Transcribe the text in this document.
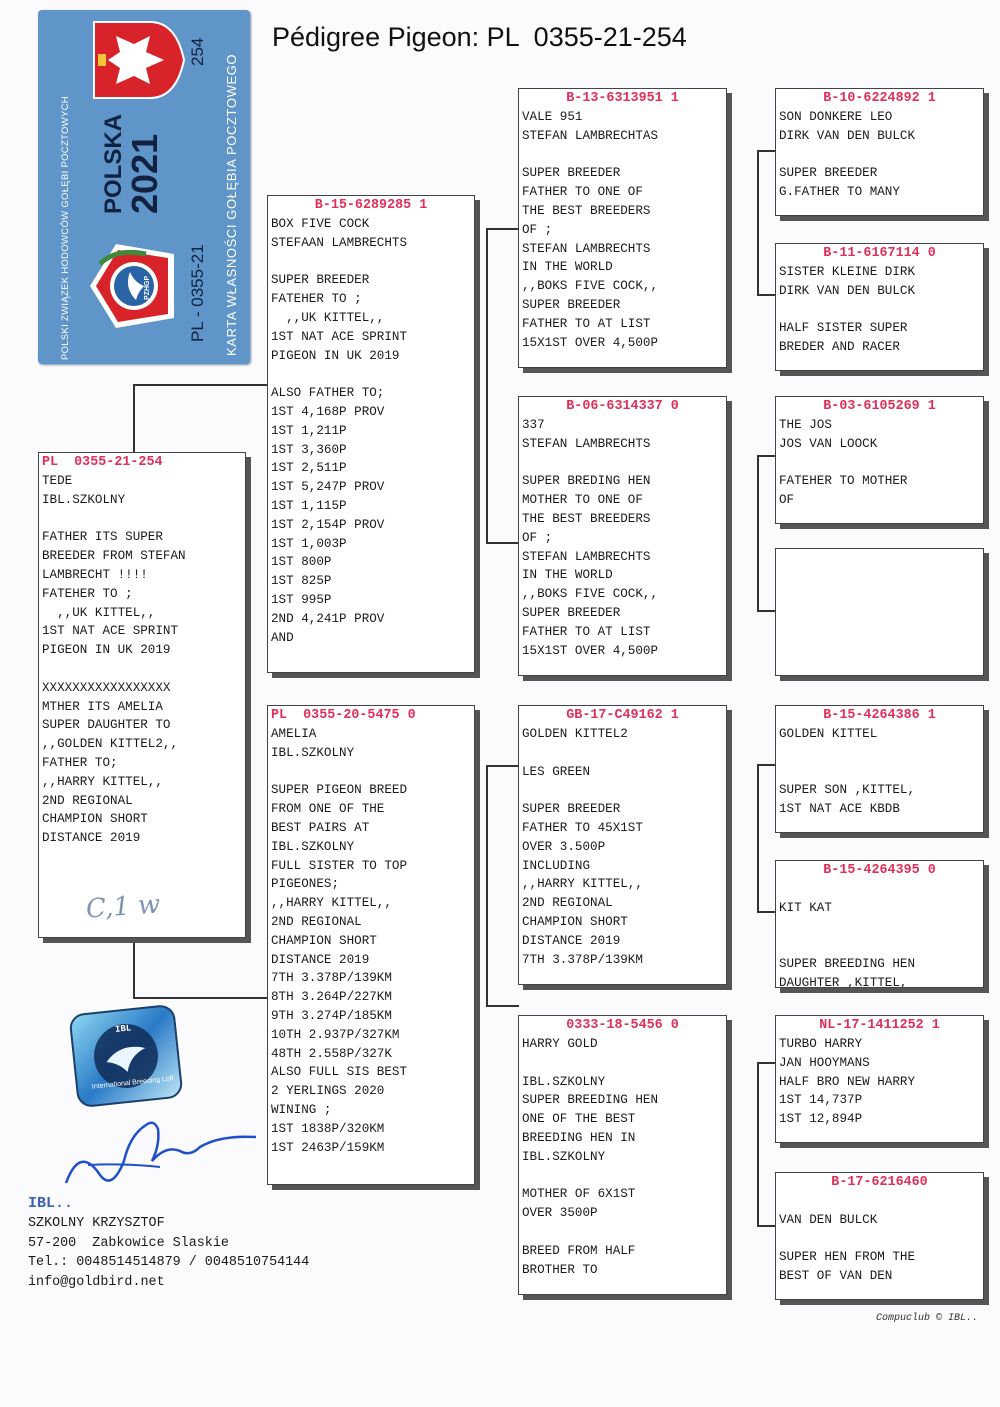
Pédigree Pigeon: PL  0355-21-254
POLSKI ZWIĄZEK HODOWCÓW GOŁĘBI POCZTOWYCH POLSKA
2021
PL - 0355-21
254
KARTA WŁASNOŚCI GOŁĘBIA POCZTOWEGO
PZHGP
PL  0355-21-254
TEDE
IBL.SZKOLNY
FATHER ITS SUPER
BREEDER FROM STEFAN
LAMBRECHT !!!!
FATEHER TO ;
,,UK KITTEL,,
1ST NAT ACE SPRINT
PIGEON IN UK 2019
XXXXXXXXXXXXXXXXX
MTHER ITS AMELIA
SUPER DAUGHTER TO
,,GOLDEN KITTEL2,,
FATHER TO;
,,HARRY KITTEL,,
2ND REGIONAL
CHAMPION SHORT
DISTANCE 2019
B-15-6289285 1
BOX FIVE COCK
STEFAAN LAMBRECHTS
SUPER BREEDER
FATEHER TO ;
,,UK KITTEL,,
1ST NAT ACE SPRINT
PIGEON IN UK 2019
ALSO FATHER TO;
1ST 4,168P PROV
1ST 1,211P
1ST 3,360P
1ST 2,511P
1ST 5,247P PROV
1ST 1,115P
1ST 2,154P PROV
1ST 1,003P
1ST 800P
1ST 825P
1ST 995P
2ND 4,241P PROV
AND
PL  0355-20-5475 0
AMELIA
IBL.SZKOLNY
SUPER PIGEON BREED
FROM ONE OF THE
BEST PAIRS AT
IBL.SZKOLNY
FULL SISTER TO TOP
PIGEONES;
,,HARRY KITTEL,,
2ND REGIONAL
CHAMPION SHORT
DISTANCE 2019
7TH 3.378P/139KM
8TH 3.264P/227KM
9TH 3.274P/185KM
10TH 2.937P/327KM
48TH 2.558P/327K
ALSO FULL SIS BEST
2 YERLINGS 2020
WINING ;
1ST 1838P/320KM
1ST 2463P/159KM
B-13-6313951 1
VALE 951
STEFAN LAMBRECHTAS
SUPER BREEDER
FATHER TO ONE OF
THE BEST BREEDERS
OF ;
STEFAN LAMBRECHTS
IN THE WORLD
,,BOKS FIVE COCK,,
SUPER BREEDER
FATHER TO AT LIST
15X1ST OVER 4,500P
B-06-6314337 0
337
STEFAN LAMBRECHTS
SUPER BREDING HEN
MOTHER TO ONE OF
THE BEST BREEDERS
OF ;
STEFAN LAMBRECHTS
IN THE WORLD
,,BOKS FIVE COCK,,
SUPER BREEDER
FATHER TO AT LIST
15X1ST OVER 4,500P
GB-17-C49162 1
GOLDEN KITTEL2
LES GREEN
SUPER BREEDER
FATHER TO 45X1ST
OVER 3.500P
INCLUDING
,,HARRY KITTEL,,
2ND REGIONAL
CHAMPION SHORT
DISTANCE 2019
7TH 3.378P/139KM
0333-18-5456 0
HARRY GOLD
IBL.SZKOLNY
SUPER BREEDING HEN
ONE OF THE BEST
BREEDING HEN IN
IBL.SZKOLNY
MOTHER OF 6X1ST
OVER 3500P
BREED FROM HALF
BROTHER TO
B-10-6224892 1
SON DONKERE LEO
DIRK VAN DEN BULCK
SUPER BREEDER
G.FATHER TO MANY
B-11-6167114 0
SISTER KLEINE DIRK
DIRK VAN DEN BULCK
HALF SISTER SUPER
BREDER AND RACER
B-03-6105269 1
THE JOS
JOS VAN LOOCK
FATEHER TO MOTHER
OF
B-15-4264386 1
GOLDEN KITTEL
SUPER SON ,KITTEL,
1ST NAT ACE KBDB
B-15-4264395 0
KIT KAT
SUPER BREEDING HEN
DAUGHTER ,KITTEL,
NL-17-1411252 1
TURBO HARRY
JAN HOOYMANS
HALF BRO NEW HARRY
1ST 14,737P
1ST 12,894P
B-17-6216460
VAN DEN BULCK
SUPER HEN FROM THE
BEST OF VAN DEN
C,1 w
IBL
International Breeding Loft
IBL..
SZKOLNY KRZYSZTOF
57-200  Zabkowice Slaskie
Tel.: 0048514514879 / 0048510754144
info@goldbird.net
Compuclub © IBL..
